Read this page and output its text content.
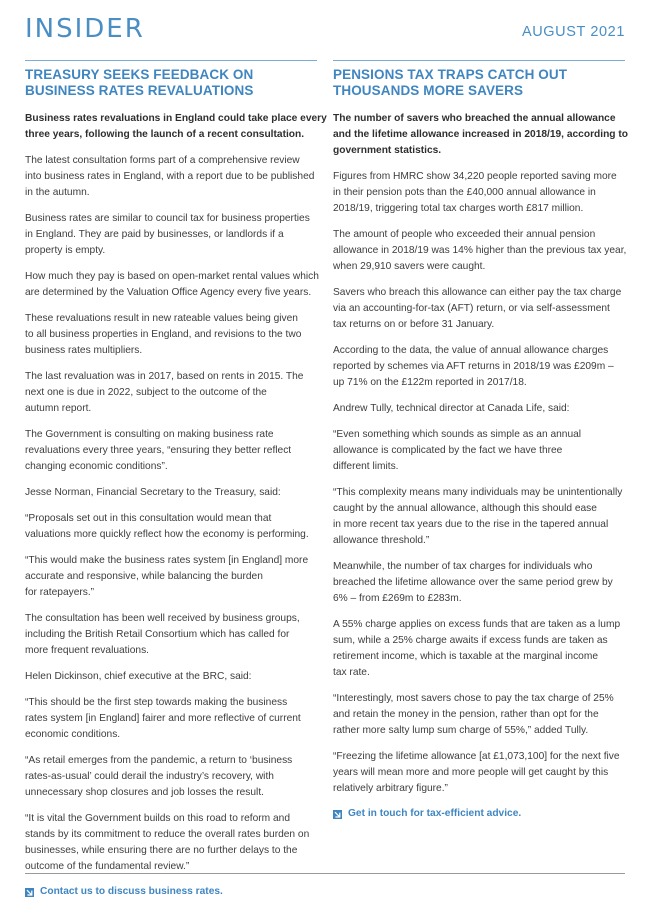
INSIDER	AUGUST 2021
TREASURY SEEKS FEEDBACK ON
BUSINESS RATES REVALUATIONS

Business rates revaluations in England could take place every
three years, following the launch of a recent consultation.

The latest consultation forms part of a comprehensive review
into business rates in England, with a report due to be published
in the autumn.

Business rates are similar to council tax for business properties
in England. They are paid by businesses, or landlords if a
property is empty.

How much they pay is based on open-market rental values which
are determined by the Valuation Office Agency every five years.

These revaluations result in new rateable values being given
to all business properties in England, and revisions to the two
business rates multipliers.

The last revaluation was in 2017, based on rents in 2015. The
next one is due in 2022, subject to the outcome of the
autumn report.

The Government is consulting on making business rate
revaluations every three years, “ensuring they better reflect
changing economic conditions”.

Jesse Norman, Financial Secretary to the Treasury, said:

“Proposals set out in this consultation would mean that
valuations more quickly reflect how the economy is performing.

“This would make the business rates system [in England] more
accurate and responsive, while balancing the burden
for ratepayers.”

The consultation has been well received by business groups,
including the British Retail Consortium which has called for
more frequent revaluations.

Helen Dickinson, chief executive at the BRC, said:

“This should be the first step towards making the business
rates system [in England] fairer and more reflective of current
economic conditions.

“As retail emerges from the pandemic, a return to ‘business
rates-as-usual’ could derail the industry’s recovery, with
unnecessary shop closures and job losses the result.

“It is vital the Government builds on this road to reform and
stands by its commitment to reduce the overall rates burden on
businesses, while ensuring there are no further delays to the
outcome of the fundamental review.”

Contact us to discuss business rates.
PENSIONS TAX TRAPS CATCH OUT
THOUSANDS MORE SAVERS

The number of savers who breached the annual allowance
and the lifetime allowance increased in 2018/19, according to
government statistics.

Figures from HMRC show 34,220 people reported saving more
in their pension pots than the £40,000 annual allowance in
2018/19, triggering total tax charges worth £817 million.

The amount of people who exceeded their annual pension
allowance in 2018/19 was 14% higher than the previous tax year,
when 29,910 savers were caught.

Savers who breach this allowance can either pay the tax charge
via an accounting-for-tax (AFT) return, or via self-assessment
tax returns on or before 31 January.

According to the data, the value of annual allowance charges
reported by schemes via AFT returns in 2018/19 was £209m –
up 71% on the £122m reported in 2017/18.

Andrew Tully, technical director at Canada Life, said:

“Even something which sounds as simple as an annual
allowance is complicated by the fact we have three
different limits.

“This complexity means many individuals may be unintentionally
caught by the annual allowance, although this should ease
in more recent tax years due to the rise in the tapered annual
allowance threshold.”

Meanwhile, the number of tax charges for individuals who
breached the lifetime allowance over the same period grew by
6% – from £269m to £283m.

A 55% charge applies on excess funds that are taken as a lump
sum, while a 25% charge awaits if excess funds are taken as
retirement income, which is taxable at the marginal income
tax rate.

“Interestingly, most savers chose to pay the tax charge of 25%
and retain the money in the pension, rather than opt for the
rather more salty lump sum charge of 55%,” added Tully.

“Freezing the lifetime allowance [at £1,073,100] for the next five
years will mean more and more people will get caught by this
relatively arbitrary figure.”

Get in touch for tax-efficient advice.
